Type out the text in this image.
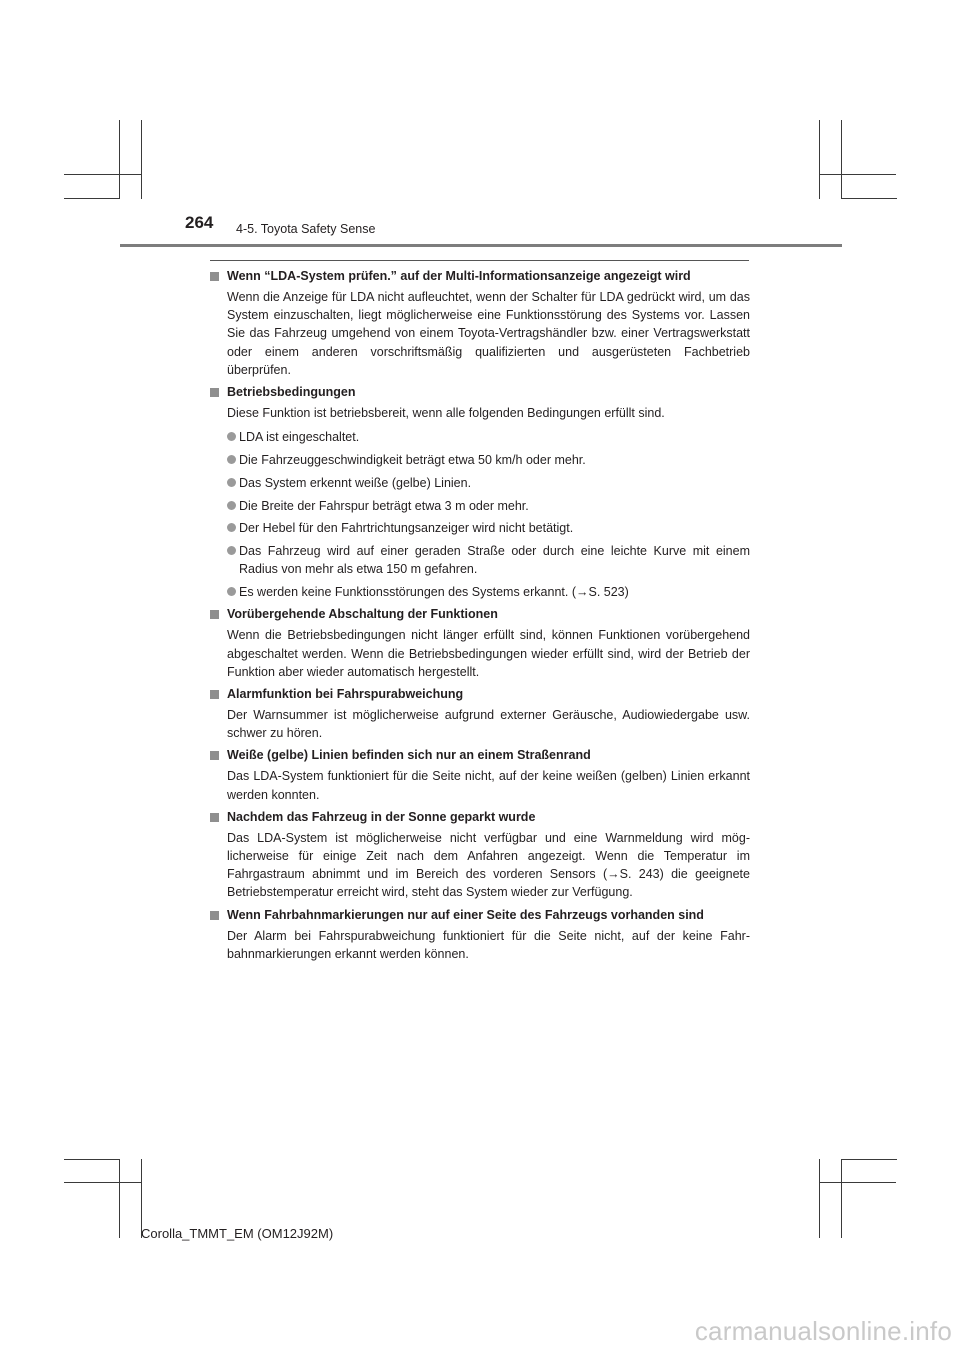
264 4-5. Toyota Safety Sense
Wenn “LDA-System prüfen.” auf der Multi-Informationsanzeige angezeigt wird

Wenn die Anzeige für LDA nicht aufleuchtet, wenn der Schalter für LDA gedrückt wird, um das System einzuschalten, liegt möglicherweise eine Funktionsstörung des Systems vor. Lassen Sie das Fahrzeug umgehend von einem Toyota-Vertragshändler bzw. einer Vertragswerkstatt oder einem anderen vorschriftsmäßig qualifizierten und ausgerüsteten Fachbetrieb überprüfen.

Betriebsbedingungen

Diese Funktion ist betriebsbereit, wenn alle folgenden Bedingungen erfüllt sind.

LDA ist eingeschaltet.
Die Fahrzeuggeschwindigkeit beträgt etwa 50 km/h oder mehr.
Das System erkennt weiße (gelbe) Linien.
Die Breite der Fahrspur beträgt etwa 3 m oder mehr.
Der Hebel für den Fahrtrichtungsanzeiger wird nicht betätigt.
Das Fahrzeug wird auf einer geraden Straße oder durch eine leichte Kurve mit einem Radius von mehr als etwa 150 m gefahren.
Es werden keine Funktionsstörungen des Systems erkannt. (→S. 523)
Vorübergehende Abschaltung der Funktionen

Wenn die Betriebsbedingungen nicht länger erfüllt sind, können Funktionen vorübergehend abgeschaltet werden. Wenn die Betriebsbedingungen wieder erfüllt sind, wird der Betrieb der Funktion aber wieder automatisch hergestellt.

Alarmfunktion bei Fahrspurabweichung

Der Warnsummer ist möglicherweise aufgrund externer Geräusche, Audiowiedergabe usw. schwer zu hören.

Weiße (gelbe) Linien befinden sich nur an einem Straßenrand

Das LDA-System funktioniert für die Seite nicht, auf der keine weißen (gelben) Linien erkannt werden konnten.

Nachdem das Fahrzeug in der Sonne geparkt wurde

Das LDA-System ist möglicherweise nicht verfügbar und eine Warnmeldung wird möglicherweise für einige Zeit nach dem Anfahren angezeigt. Wenn die Temperatur im Fahrgastraum abnimmt und im Bereich des vorderen Sensors (→S. 243) die geeignete Betriebstemperatur erreicht wird, steht das System wieder zur Verfügung.

Wenn Fahrbahnmarkierungen nur auf einer Seite des Fahrzeugs vorhanden sind

Der Alarm bei Fahrspurabweichung funktioniert für die Seite nicht, auf der keine Fahrbahnmarkierungen erkannt werden können.

Corolla_TMMT_EM (OM12J92M)
carmanualsonline.info
